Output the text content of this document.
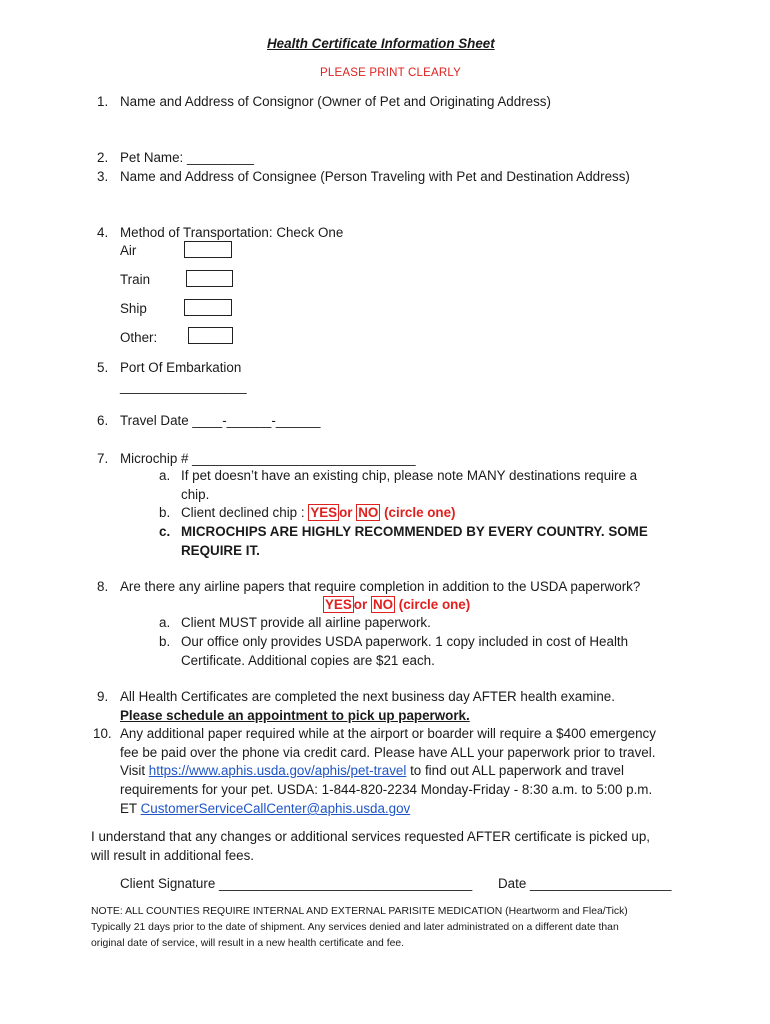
Health Certificate Information Sheet
PLEASE PRINT CLEARLY
1. Name and Address of Consignor (Owner of Pet and Originating Address)
2. Pet Name: _________
3. Name and Address of Consignee (Person Traveling with Pet and Destination Address)
4. Method of Transportation: Check One
Air
Train
Ship
Other:
5. Port Of Embarkation
_________________
6. Travel Date ____-______-______
7. Microchip # ______________________________
a. If pet doesn’t have an existing chip, please note MANY destinations require a
chip.
b. Client declined chip : YES or NO (circle one)
c. MICROCHIPS ARE HIGHLY RECOMMENDED BY EVERY COUNTRY. SOME
REQUIRE IT.
8. Are there any airline papers that require completion in addition to the USDA paperwork?
YES or NO (circle one)
a. Client MUST provide all airline paperwork.
b. Our office only provides USDA paperwork. 1 copy included in cost of Health
Certificate. Additional copies are $21 each.
9. All Health Certificates are completed the next business day AFTER health examine.
Please schedule an appointment to pick up paperwork.
10. Any additional paper required while at the airport or boarder will require a $400 emergency
fee be paid over the phone via credit card. Please have ALL your paperwork prior to travel.
Visit https://www.aphis.usda.gov/aphis/pet-travel to find out ALL paperwork and travel
requirements for your pet. USDA: 1-844-820-2234 Monday-Friday - 8:30 a.m. to 5:00 p.m.
ET CustomerServiceCallCenter@aphis.usda.gov
I understand that any changes or additional services requested AFTER certificate is picked up,
will result in additional fees.
Client Signature __________________________________ Date ___________________
NOTE: ALL COUNTIES REQUIRE INTERNAL AND EXTERNAL PARISITE MEDICATION (Heartworm and Flea/Tick)
Typically 21 days prior to the date of shipment. Any services denied and later administrated on a different date than
original date of service, will result in a new health certificate and fee.
